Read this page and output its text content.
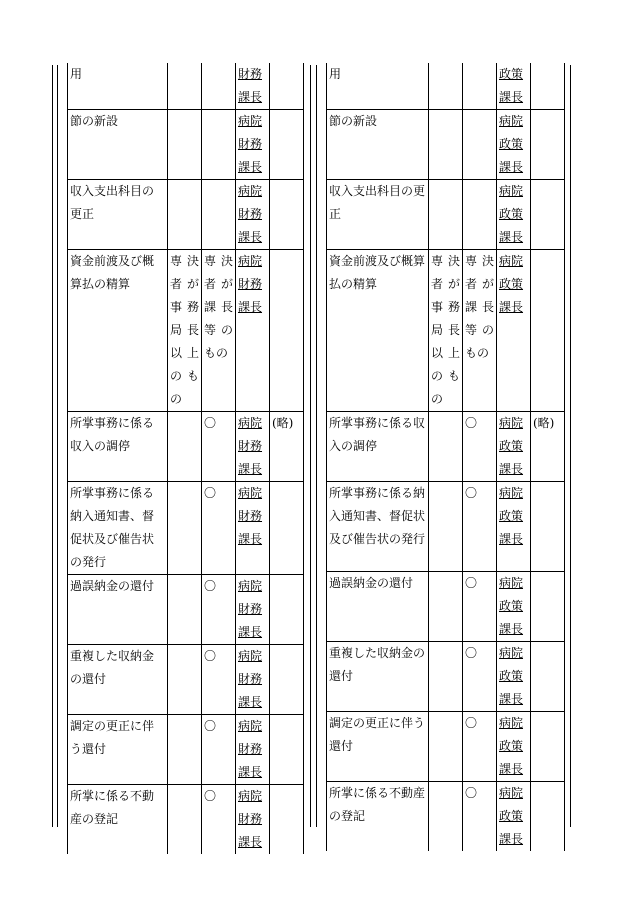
用			財務課長	
節の新設			病院財務課長	
収入支出科目の更正			病院財務課長	
資金前渡及び概算払の精算	専決者が事務局長以上のもの	専決者が課長等のもの	病院財務課長	
所掌事務に係る収入の調停		〇	病院財務課長	(略)
所掌事務に係る納入通知書、督促状及び催告状の発行		〇	病院財務課長	
過誤納金の還付		〇	病院財務課長	
重複した収納金の還付		〇	病院財務課長	
調定の更正に伴う還付		〇	病院財務課長	
所掌に係る不動産の登記		〇	病院財務課長	
用			政策課長	
節の新設			病院政策課長	
収入支出科目の更正			病院政策課長	
資金前渡及び概算払の精算	専決者が事務局長以上のもの	専決者が課長等のもの	病院政策課長	
所掌事務に係る収入の調停		〇	病院政策課長	(略)
所掌事務に係る納入通知書、督促状及び催告状の発行		〇	病院政策課長	
過誤納金の還付		〇	病院政策課長	
重複した収納金の還付		〇	病院政策課長	
調定の更正に伴う還付		〇	病院政策課長	
所掌に係る不動産の登記		〇	病院政策課長	
